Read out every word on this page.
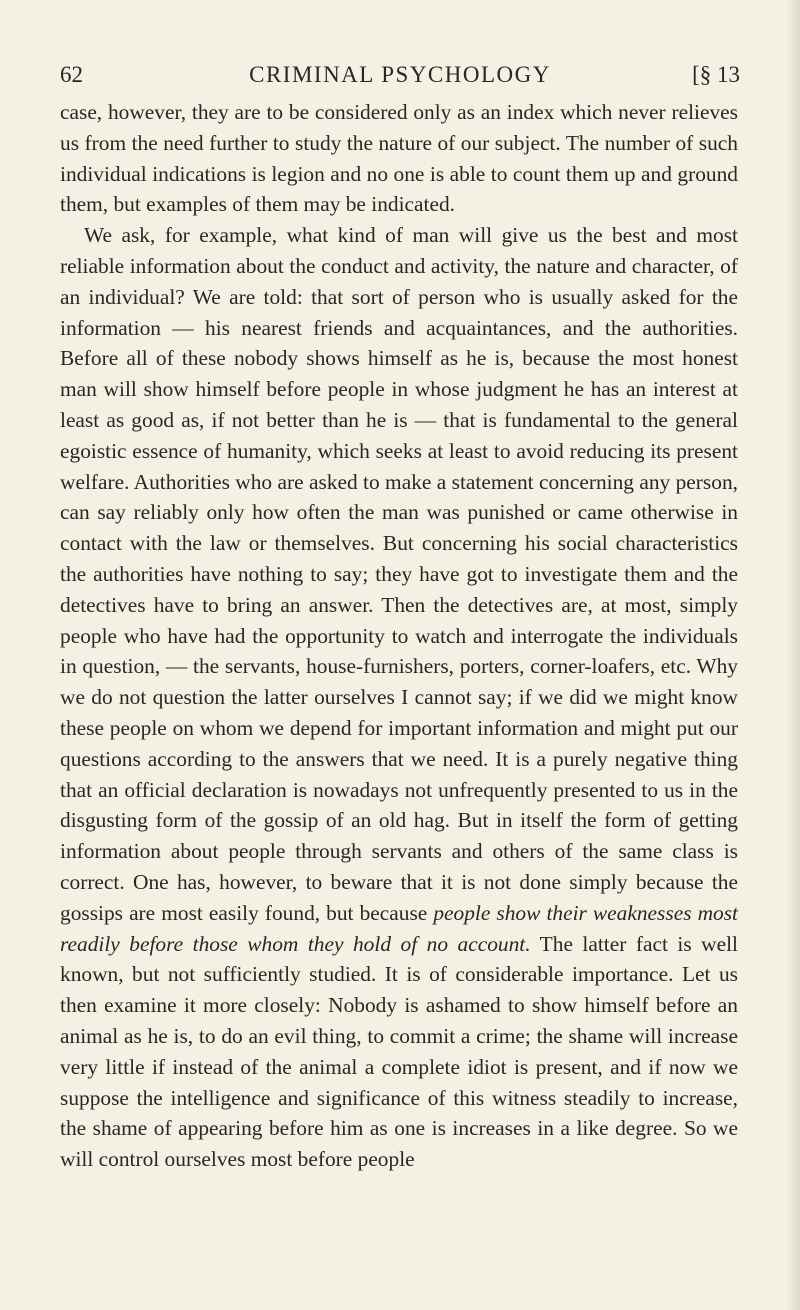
62	CRIMINAL PSYCHOLOGY	[§ 13

case, however, they are to be considered only as an index which never relieves us from the need further to study the nature of our subject. The number of such individual indications is legion and no one is able to count them up and ground them, but examples of them may be indicated.

We ask, for example, what kind of man will give us the best and most reliable information about the conduct and activity, the nature and character, of an individual? We are told: that sort of person who is usually asked for the information — his nearest friends and acquaintances, and the authorities. Before all of these nobody shows himself as he is, because the most honest man will show himself before people in whose judgment he has an interest at least as good as, if not better than he is — that is fundamental to the general egoistic essence of humanity, which seeks at least to avoid reducing its present welfare. Authorities who are asked to make a statement concerning any person, can say reliably only how often the man was punished or came otherwise in contact with the law or themselves. But concerning his social characteristics the authorities have nothing to say; they have got to investigate them and the detectives have to bring an answer. Then the detectives are, at most, simply people who have had the opportunity to watch and interrogate the individuals in question, — the servants, house-furnishers, porters, corner-loafers, etc. Why we do not question the latter ourselves I cannot say; if we did we might know these people on whom we depend for important information and might put our questions according to the answers that we need. It is a purely negative thing that an official declaration is nowadays not unfrequently presented to us in the disgusting form of the gossip of an old hag. But in itself the form of getting information about people through servants and others of the same class is correct. One has, however, to beware that it is not done simply because the gossips are most easily found, but because people show their weaknesses most readily before those whom they hold of no account. The latter fact is well known, but not sufficiently studied. It is of considerable importance. Let us then examine it more closely: Nobody is ashamed to show himself before an animal as he is, to do an evil thing, to commit a crime; the shame will increase very little if instead of the animal a complete idiot is present, and if now we suppose the intelligence and significance of this witness steadily to increase, the shame of appearing before him as one is increases in a like degree. So we will control ourselves most before people
